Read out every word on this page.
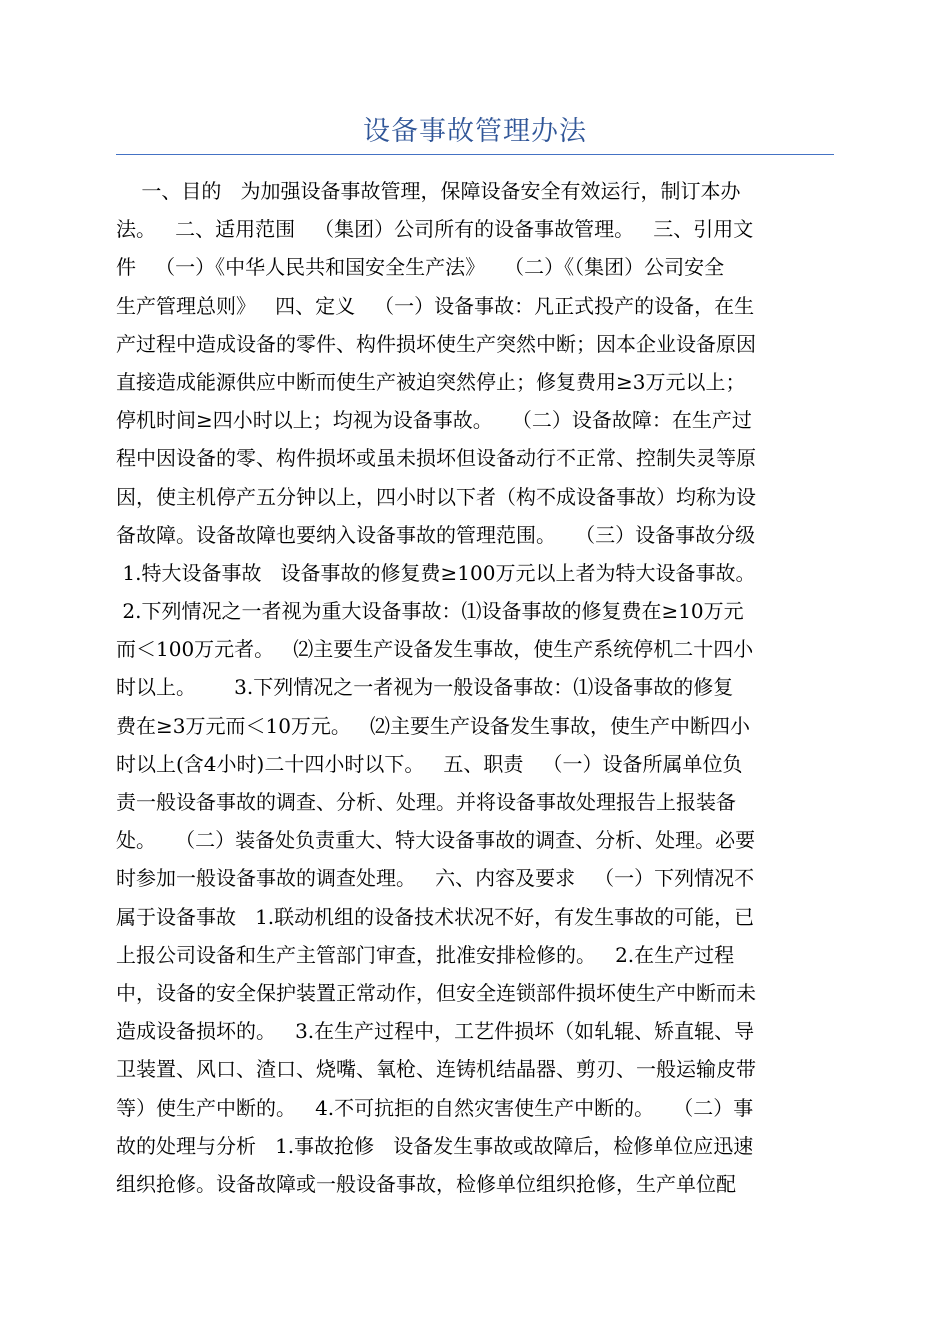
设备事故管理办法
一、目的   为加强设备事故管理，保障设备安全有效运行，制订本办
法。   二、适用范围   （集团）公司所有的设备事故管理。   三、引用文
件   （一）《中华人民共和国安全生产法》   （二）《（集团）公司安全
生产管理总则》   四、定义   （一）设备事故：凡正式投产的设备，在生
产过程中造成设备的零件、构件损坏使生产突然中断；因本企业设备原因
直接造成能源供应中断而使生产被迫突然停止；修复费用≥3万元以上；
停机时间≥四小时以上；均视为设备事故。   （二）设备故障：在生产过
程中因设备的零、构件损坏或虽未损坏但设备动行不正常、控制失灵等原
因，使主机停产五分钟以上，四小时以下者（构不成设备事故）均称为设
备故障。设备故障也要纳入设备事故的管理范围。   （三）设备事故分级
1.特大设备事故   设备事故的修复费≥100万元以上者为特大设备事故。
2.下列情况之一者视为重大设备事故：⑴设备事故的修复费在≥10万元
而＜100万元者。   ⑵主要生产设备发生事故，使生产系统停机二十四小
时以上。      3.下列情况之一者视为一般设备事故：⑴设备事故的修复
费在≥3万元而＜10万元。   ⑵主要生产设备发生事故，使生产中断四小
时以上(含4小时)二十四小时以下。   五、职责   （一）设备所属单位负
责一般设备事故的调查、分析、处理。并将设备事故处理报告上报装备
处。   （二）装备处负责重大、特大设备事故的调查、分析、处理。必要
时参加一般设备事故的调查处理。   六、内容及要求   （一）下列情况不
属于设备事故   1.联动机组的设备技术状况不好，有发生事故的可能，已
上报公司设备和生产主管部门审查，批准安排检修的。   2.在生产过程
中，设备的安全保护装置正常动作，但安全连锁部件损坏使生产中断而未
造成设备损坏的。   3.在生产过程中，工艺件损坏（如轧辊、矫直辊、导
卫装置、风口、渣口、烧嘴、氧枪、连铸机结晶器、剪刃、一般运输皮带
等）使生产中断的。   4.不可抗拒的自然灾害使生产中断的。   （二）事
故的处理与分析   1.事故抢修   设备发生事故或故障后，检修单位应迅速
组织抢修。设备故障或一般设备事故，检修单位组织抢修，生产单位配
